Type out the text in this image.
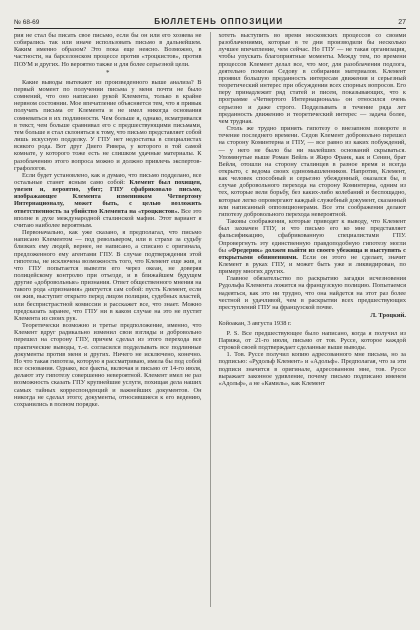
№ 68-69	БЮЛЛЕТЕНЬ ОППОЗИЦИИ	27

рия не стал бы писать свое письмо, если бы он или его хозяева не собирались так или иначе использовать письмо в дальнейшем. Каким именно образом? Это пока еще неясно. Возможно, в частности, на барселонском процессе против «троцкистов», против ПОУМ и других. Но вероятно также и для более серьезной цели.

*

Какие выводы вытекают из произведенного выше анализа? В первый момент по получении письма у меня почти не было сомнений, что оно написано рукой Клемента, только в крайне нервном состоянии. Мое впечатление объясняется тем, что я привык получать письма от Клемента и не имел никогда основания сомневаться в их подлинности. Чем больше я, однако, всматривался в текст, чем больше сравнивал его с предшествующими письмами, тем больше я стал склоняться к тому, что письмо представляет собой лишь искусную подделку. У ГПУ нет недостатка в специалистах всякого рода. Вот друг Диего Ривера, у которого в той самой комнате, у которого тоже есть не слишком удачные материалы. К разоблачению этого вопроса можно и должно привлечь экспертов-графологов.

Если будет установлено, как я думаю, что письмо подделано, все остальные станет ясным само собой: Клемент был похищен, увезен и, вероятно, убит; ГПУ сфабриковало письмо, изображающее Клемента изменником Четвертому Интернационалу, может быть, с целью возложить ответственность за убийство Клемента на «троцкистов». Все это вполне в духе международной сталинской мафии. Этот вариант я считаю наиболее вероятным.

Первоначально, как уже сказано, я предполагал, что письмо написано Клементом — под револьвером, или в страхе за судьбу близких ему людей, вернее, не написано, а списано с оригинала, предложенного ему агентами ГПУ. В случае подтверждения этой гипотезы, не исключена возможность того, что Клемент еще жив, и что ГПУ попытается вывезти его через океан, не доверяя полицейскому контролю при отъезде, и в ближайшем будущем другие «добровольные» признания. Ответ общественного мнения на такого рода «признания» диктуется сам собой: пусть Клемент, если он жив, выступит открыто перед лицом полиции, судебных властей, или беспристрастной комиссии и расскажет все, что знает. Можно предсказать заранее, что ГПУ ни в каком случае на это не пустит Клемента из своих рук.

Теоретически возможно и третье предположение, именно, что Клемент вдруг радикально изменил свои взгляды и добровольно перешел на сторону ГПУ, причем сделал из этого перехода все практические выводы, т.-е. согласился подделывать все подлинные документы против меня и других. Ничего не исключено, конечно. Но что такая гипотеза, которую я рассматриваю, имела бы под собой все основания. Однако, все факты, включая и письмо от 14-го июля, делают эту гипотезу совершенно невероятной. Клемент имел не раз возможность сказать ГПУ крупнейшие услуги, похищая дела наших самых тайных корреспонденций и важнейших документов. Он никогда не сделал этого; документы, относившиеся к его ведению, сохранились в полном порядке.

хотеть выступить во время московских процессов со своими разоблачениями, которые в те дни производили бы несколько лучшее впечатление, чем сейчас. Но ГПУ — не такая организация, чтобы упускать благоприятные моменты. Между тем, по времени процессов Клемент делал все, что мог, для разоблачения подлога, деятельно помогая Седову в собирании материалов. Клемент проявил большую преданность интересам движения и серьезный теоретический интерес при обсуждении всех спорных вопросов. Его перу принадлежит ряд статей и писем, показывающих, что к программе «Четвертого Интернационала» он относился очень серьезно и даже строго. Подделывать в течение ряда лет преданность движению и теоретический интерес — задача более, чем трудная.

Столь же трудно принять гипотезу о внезапном повороте в течение последнего времени. Седов Клемент добровольно перешел на сторону Коминтерна и ГПУ, — все равно из каких побуждений, — у него не было бы ни малейших оснований скрываться. Упомянутые выше Роман Вейль и Жиро Франк, как и Сенин, брат Вейля, отошли на сторону сталинцев в разное время и всегда открыто, с ведома своих единомышленников. Напротив, Клемент, как человек способный и серьезно убежденный, оказался бы, в случае добровольного перехода на сторону Коминтерна, одним из тех, которые вели борьбу, без каких-либо колебаний и беспощадно, которые легко опровергают каждый служебный документ, сказанный или написанный оппозиционерами. Все эти соображения делают гипотезу добровольного перехода невероятной.

Таковы соображения, которые приводят к выводу, что Клемент был захвачен ГПУ, и что письмо его ко мне представляет фальсификацию, сфабрикованную специалистами ГПУ. Опровергнуть эту единственную правдоподобную гипотезу могли бы «Фредерик» должен выйти из своего убежища и выступить с открытыми обвинениями. Если он этого не сделает, значит Клемент в руках ГПУ, и может быть уже и ликвидирован, по примеру многих других.

Главное обязательство по раскрытию загадки исчезновения Рудольфа Клемента ложится на французскую полицию. Попытаемся надеяться, как это ни трудно, что она найдется на этот раз более честной и удачливой, чем в раскрытии всех предшествующих преступлений ГПУ на французской почве.

Л. Троцкий.
Койоакан, 3 августа 1938 г.

P. S. Все предшествующее было написано, когда я получил из Парижа, от 21-го июля, письмо от тов. Руссе, которое каждой строкой своей подтверждает сделанные выше выводы.

1. Тов. Руссе получил копию адресованного мне письма, но за подписью: «Рудольф Клемент» и «Адольф». Предполагая, что за эти подписи значится в оригинале, адресованном мне, тов. Руссе выражает законное удивление, почему письмо подписано именем «Адольф», а не «Камиль», как Клемент
